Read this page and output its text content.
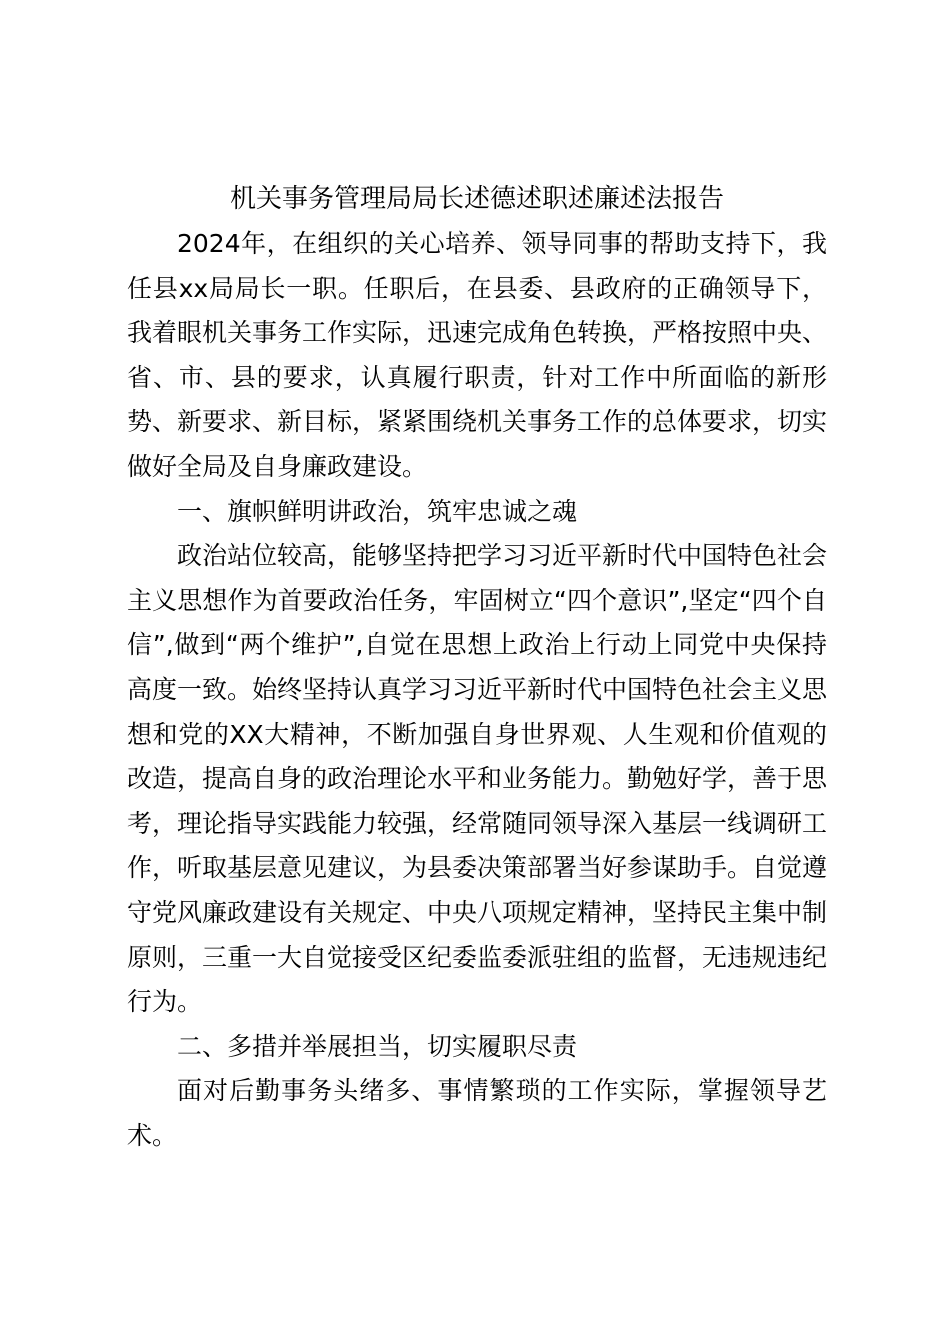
机关事务管理局局长述德述职述廉述法报告

2024年，在组织的关心培养、领导同事的帮助支持下，我任县xx局局长一职。任职后，在县委、县政府的正确领导下，我着眼机关事务工作实际，迅速完成角色转换，严格按照中央、省、市、县的要求，认真履行职责，针对工作中所面临的新形势、新要求、新目标，紧紧围绕机关事务工作的总体要求，切实做好全局及自身廉政建设。

一、旗帜鲜明讲政治，筑牢忠诚之魂

政治站位较高，能够坚持把学习习近平新时代中国特色社会主义思想作为首要政治任务，牢固树立“四个意识”,坚定“四个自信”,做到“两个维护”,自觉在思想上政治上行动上同党中央保持高度一致。始终坚持认真学习习近平新时代中国特色社会主义思想和党的XX大精神，不断加强自身世界观、人生观和价值观的改造，提高自身的政治理论水平和业务能力。勤勉好学，善于思考，理论指导实践能力较强，经常随同领导深入基层一线调研工作，听取基层意见建议，为县委决策部署当好参谋助手。自觉遵守党风廉政建设有关规定、中央八项规定精神，坚持民主集中制原则，三重一大自觉接受区纪委监委派驻组的监督，无违规违纪行为。

二、多措并举展担当，切实履职尽责

面对后勤事务头绪多、事情繁琐的工作实际，掌握领导艺术。
